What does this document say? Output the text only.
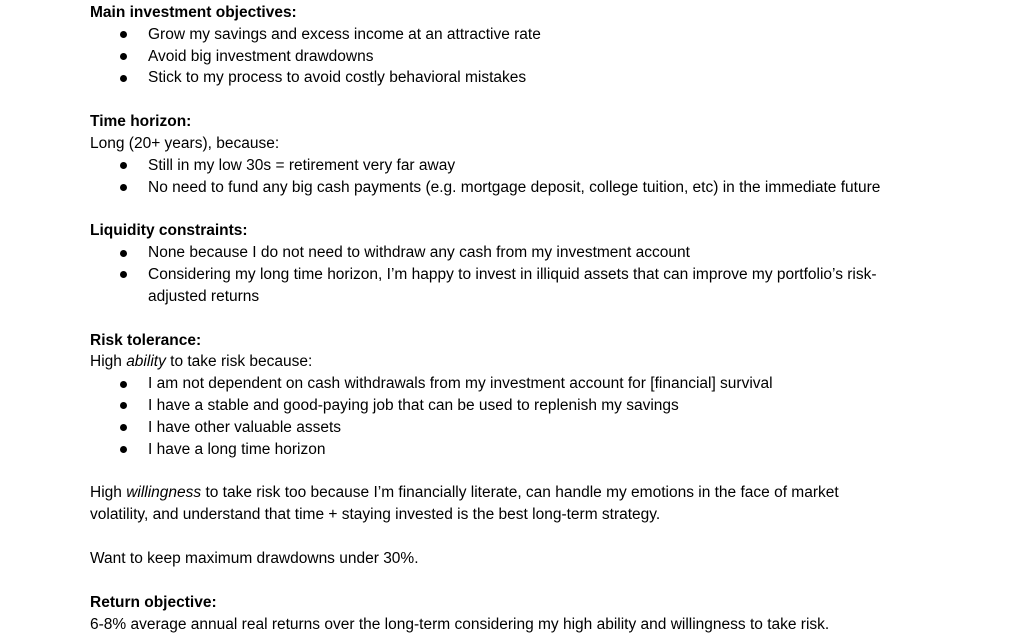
Main investment objectives:

Grow my savings and excess income at an attractive rate
Avoid big investment drawdowns
Stick to my process to avoid costly behavioral mistakes

Time horizon:

Long (20+ years), because:

Still in my low 30s = retirement very far away
No need to fund any big cash payments (e.g. mortgage deposit, college tuition, etc) in the immediate future

Liquidity constraints:

None because I do not need to withdraw any cash from my investment account
Considering my long time horizon, I’m happy to invest in illiquid assets that can improve my portfolio’s risk-adjusted returns

Risk tolerance:

High ability to take risk because:

I am not dependent on cash withdrawals from my investment account for [financial] survival
I have a stable and good-paying job that can be used to replenish my savings
I have other valuable assets
I have a long time horizon

High willingness to take risk too because I’m financially literate, can handle my emotions in the face of market volatility, and understand that time + staying invested is the best long-term strategy.

Want to keep maximum drawdowns under 30%.

Return objective:

6-8% average annual real returns over the long-term considering my high ability and willingness to take risk.
